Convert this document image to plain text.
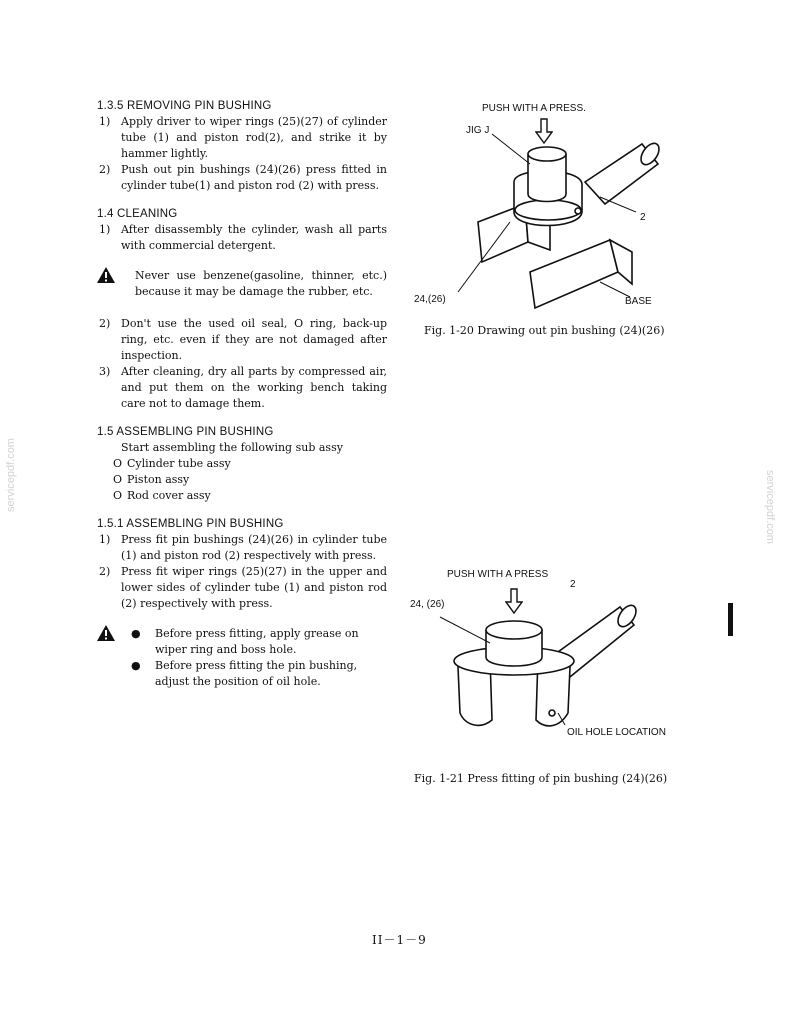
1.3.5 REMOVING PIN BUSHING

1) Apply driver to wiper rings (25)(27) of cylinder tube (1) and piston rod(2), and strike it by hammer lightly.
2) Push out pin bushings (24)(26) press fitted in cylinder tube(1) and piston rod (2) with press.

1.4 CLEANING

1) After disassembly the cylinder, wash all parts with commercial detergent.
Never use benzene(gasoline, thinner, etc.) because it may be damage the rubber, etc.
2) Don't use the used oil seal, O ring, back-up ring, etc. even if they are not damaged after inspection.
3) After cleaning, dry all parts by compressed air, and put them on the working bench taking care not to damage them.

1.5 ASSEMBLING PIN BUSHING

Start assembling the following sub assy
O Cylinder tube assy
O Piston assy
O Rod cover assy

1.5.1 ASSEMBLING PIN BUSHING

1) Press fit pin bushings (24)(26) in cylinder tube (1) and piston rod (2) respectively with press.
2) Press fit wiper rings (25)(27) in the upper and lower sides of cylinder tube (1) and piston rod (2) respectively with press.
● Before press fitting, apply grease on wiper ring and boss hole.
● Before press fitting the pin bushing, adjust the position of oil hole.
PUSH WITH A PRESS.
JIG J
2
24,(26)	BASE
Fig. 1-20 Drawing out pin bushing (24)(26)
PUSH WITH A PRESS
2
24, (26)
OIL HOLE LOCATION
Fig. 1-21 Press fitting of pin bushing (24)(26)
servicepdf.com	servicepdf.com
II－1－9
